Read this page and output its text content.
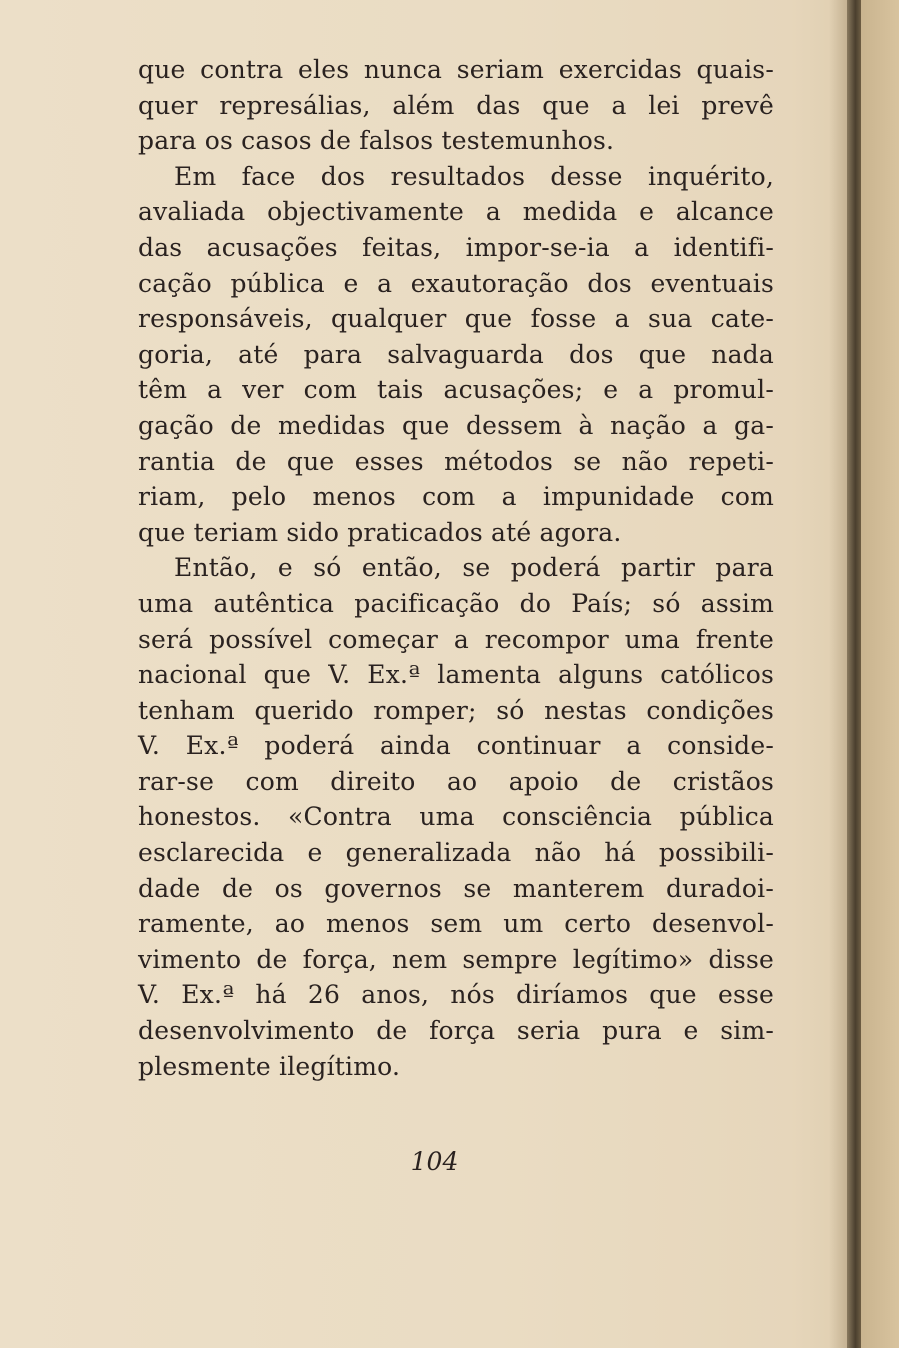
que contra eles nunca seriam exercidas quais-
quer represálias, além das que a lei prevê
para os casos de falsos testemunhos.
Em face dos resultados desse inquérito,
avaliada objectivamente a medida e alcance
das acusações feitas, impor-se-ia a identifi-
cação pública e a exautoração dos eventuais
responsáveis, qualquer que fosse a sua cate-
goria, até para salvaguarda dos que nada
têm a ver com tais acusações; e a promul-
gação de medidas que dessem à nação a ga-
rantia de que esses métodos se não repeti-
riam, pelo menos com a impunidade com
que teriam sido praticados até agora.
Então, e só então, se poderá partir para
uma autêntica pacificação do País; só assim
será possível começar a recompor uma frente
nacional que V. Ex.ª lamenta alguns católicos
tenham querido romper; só nestas condições
V. Ex.ª poderá ainda continuar a conside-
rar-se com direito ao apoio de cristãos
honestos. «Contra uma consciência pública
esclarecida e generalizada não há possibili-
dade de os governos se manterem duradoi-
ramente, ao menos sem um certo desenvol-
vimento de força, nem sempre legítimo» disse
V. Ex.ª há 26 anos, nós diríamos que esse
desenvolvimento de força seria pura e sim-
plesmente ilegítimo.
104
